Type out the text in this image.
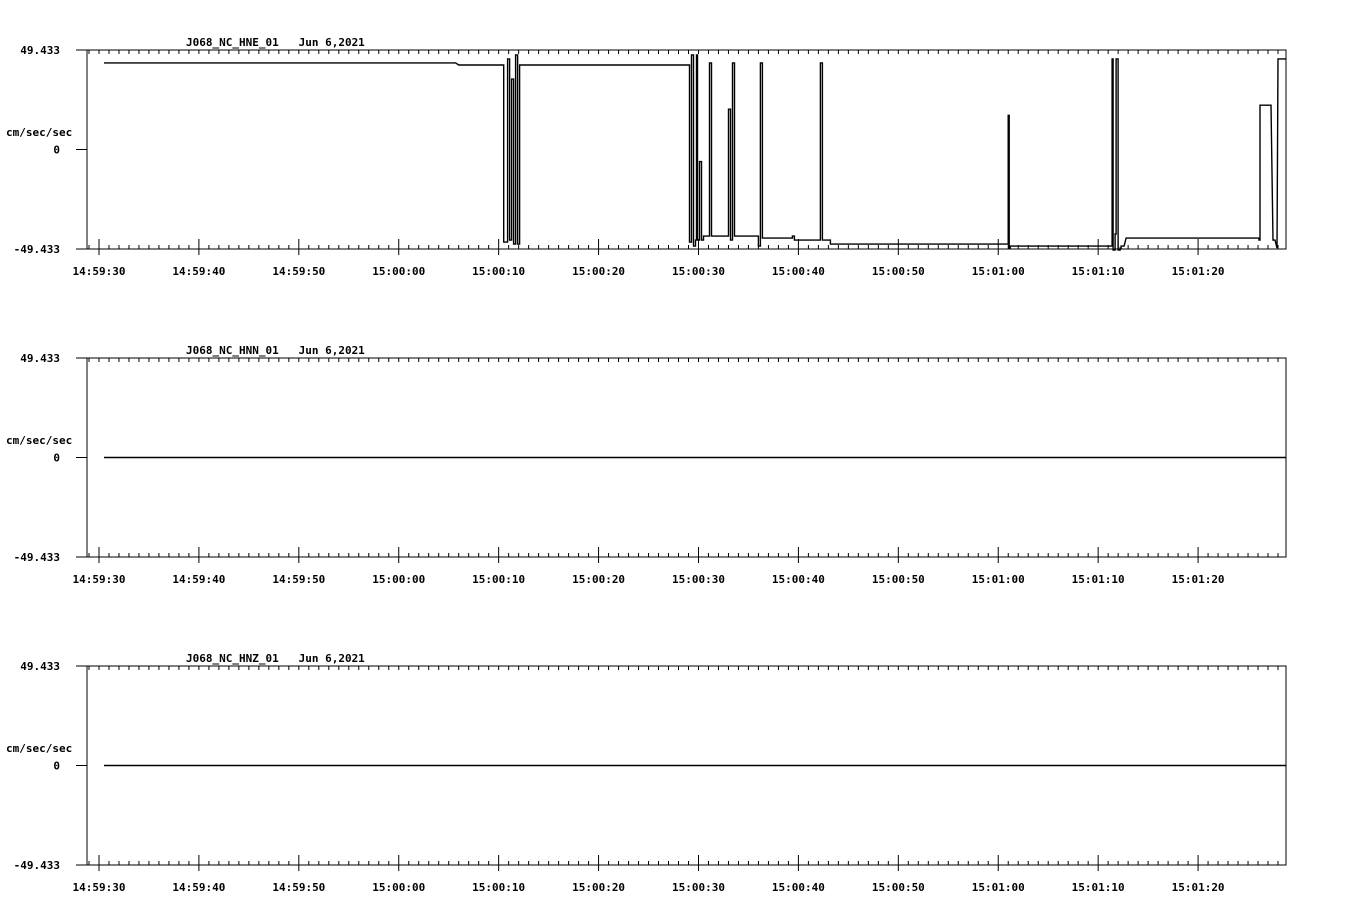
J068_NC_HNE_01   Jun 6,2021
cm/sec/sec
49.433
0
-49.433
14:59:30	14:59:40	14:59:50	15:00:00	15:00:10	15:00:20	15:00:30	15:00:40	15:00:50	15:01:00	15:01:10	15:01:20
J068_NC_HNN_01   Jun 6,2021
cm/sec/sec
49.433
0
-49.433
14:59:30	14:59:40	14:59:50	15:00:00	15:00:10	15:00:20	15:00:30	15:00:40	15:00:50	15:01:00	15:01:10	15:01:20
J068_NC_HNZ_01   Jun 6,2021
cm/sec/sec
49.433
0
-49.433
14:59:30	14:59:40	14:59:50	15:00:00	15:00:10	15:00:20	15:00:30	15:00:40	15:00:50	15:01:00	15:01:10	15:01:20
